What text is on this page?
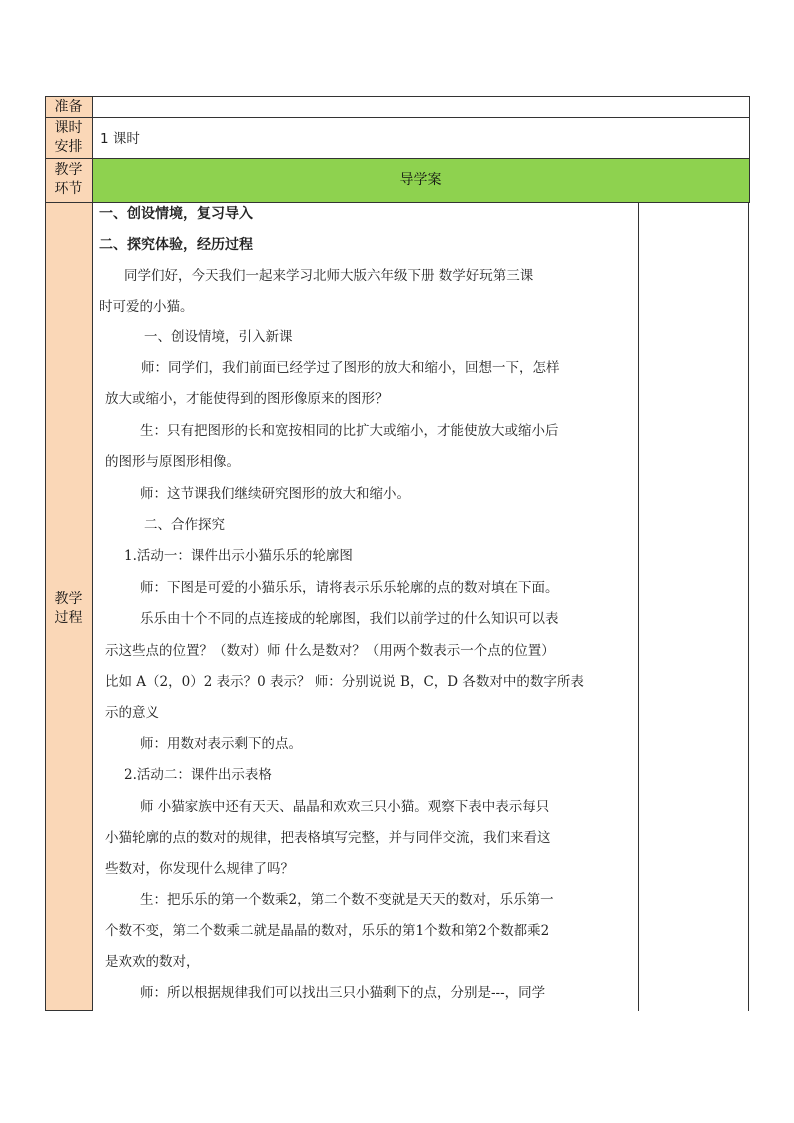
准备
课时
安排	1 课时
教学
环节
导学案
教学
过程
一、创设情境，复习导入
二、探究体验，经历过程
同学们好，今天我们一起来学习北师大版六年级下册 数学好玩第三课
时可爱的小猫。
一、创设情境，引入新课
师：同学们，我们前面已经学过了图形的放大和缩小，回想一下，怎样
放大或缩小，才能使得到的图形像原来的图形？
生：只有把图形的长和宽按相同的比扩大或缩小，才能使放大或缩小后
的图形与原图形相像。
师：这节课我们继续研究图形的放大和缩小。
二、合作探究
1.活动一：课件出示小猫乐乐的轮廓图
师：下图是可爱的小猫乐乐，请将表示乐乐轮廓的点的数对填在下面。
乐乐由十个不同的点连接成的轮廓图，我们以前学过的什么知识可以表
示这些点的位置？（数对）师 什么是数对？（用两个数表示一个点的位置）
比如 A（2，0）2 表示？0 表示？ 师：分别说说 B，C，D 各数对中的数字所表
示的意义
师：用数对表示剩下的点。
2.活动二：课件出示表格
师 小猫家族中还有天天、晶晶和欢欢三只小猫。观察下表中表示每只
小猫轮廓的点的数对的规律，把表格填写完整，并与同伴交流，我们来看这
些数对，你发现什么规律了吗？
生：把乐乐的第一个数乘2，第二个数不变就是天天的数对，乐乐第一
个数不变，第二个数乘二就是晶晶的数对，乐乐的第1个数和第2个数都乘2
是欢欢的数对，
师：所以根据规律我们可以找出三只小猫剩下的点，分别是---，同学
